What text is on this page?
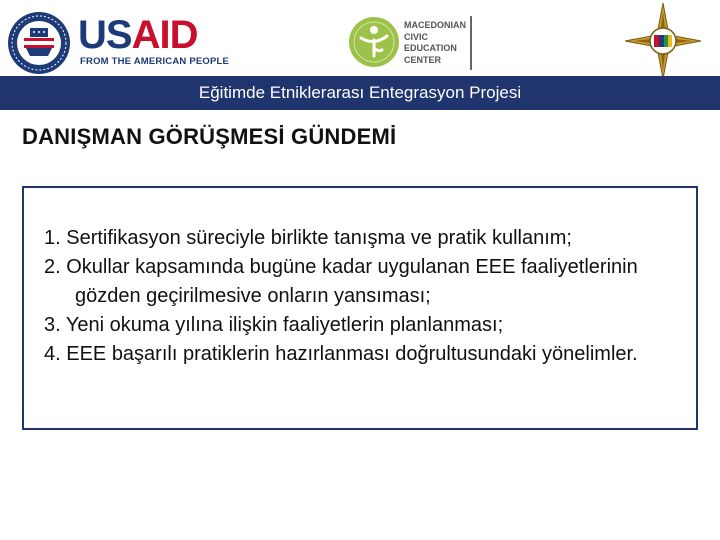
USAID
FROM THE AMERICAN PEOPLE
MACEDONIAN
CIVIC
EDUCATION
CENTER
Eğitimde Etniklerarası Entegrasyon Projesi
DANIŞMAN GÖRÜŞMESİ GÜNDEMİ
1. Sertifikasyon süreciyle birlikte tanışma ve pratik kullanım;
2. Okullar kapsamında bugüne kadar uygulanan EEE faaliyetlerinin gözden geçirilmesive onların yansıması;
3. Yeni okuma yılına ilişkin faaliyetlerin planlanması;
4. EEE başarılı pratiklerin hazırlanması doğrultusundaki yönelimler.
